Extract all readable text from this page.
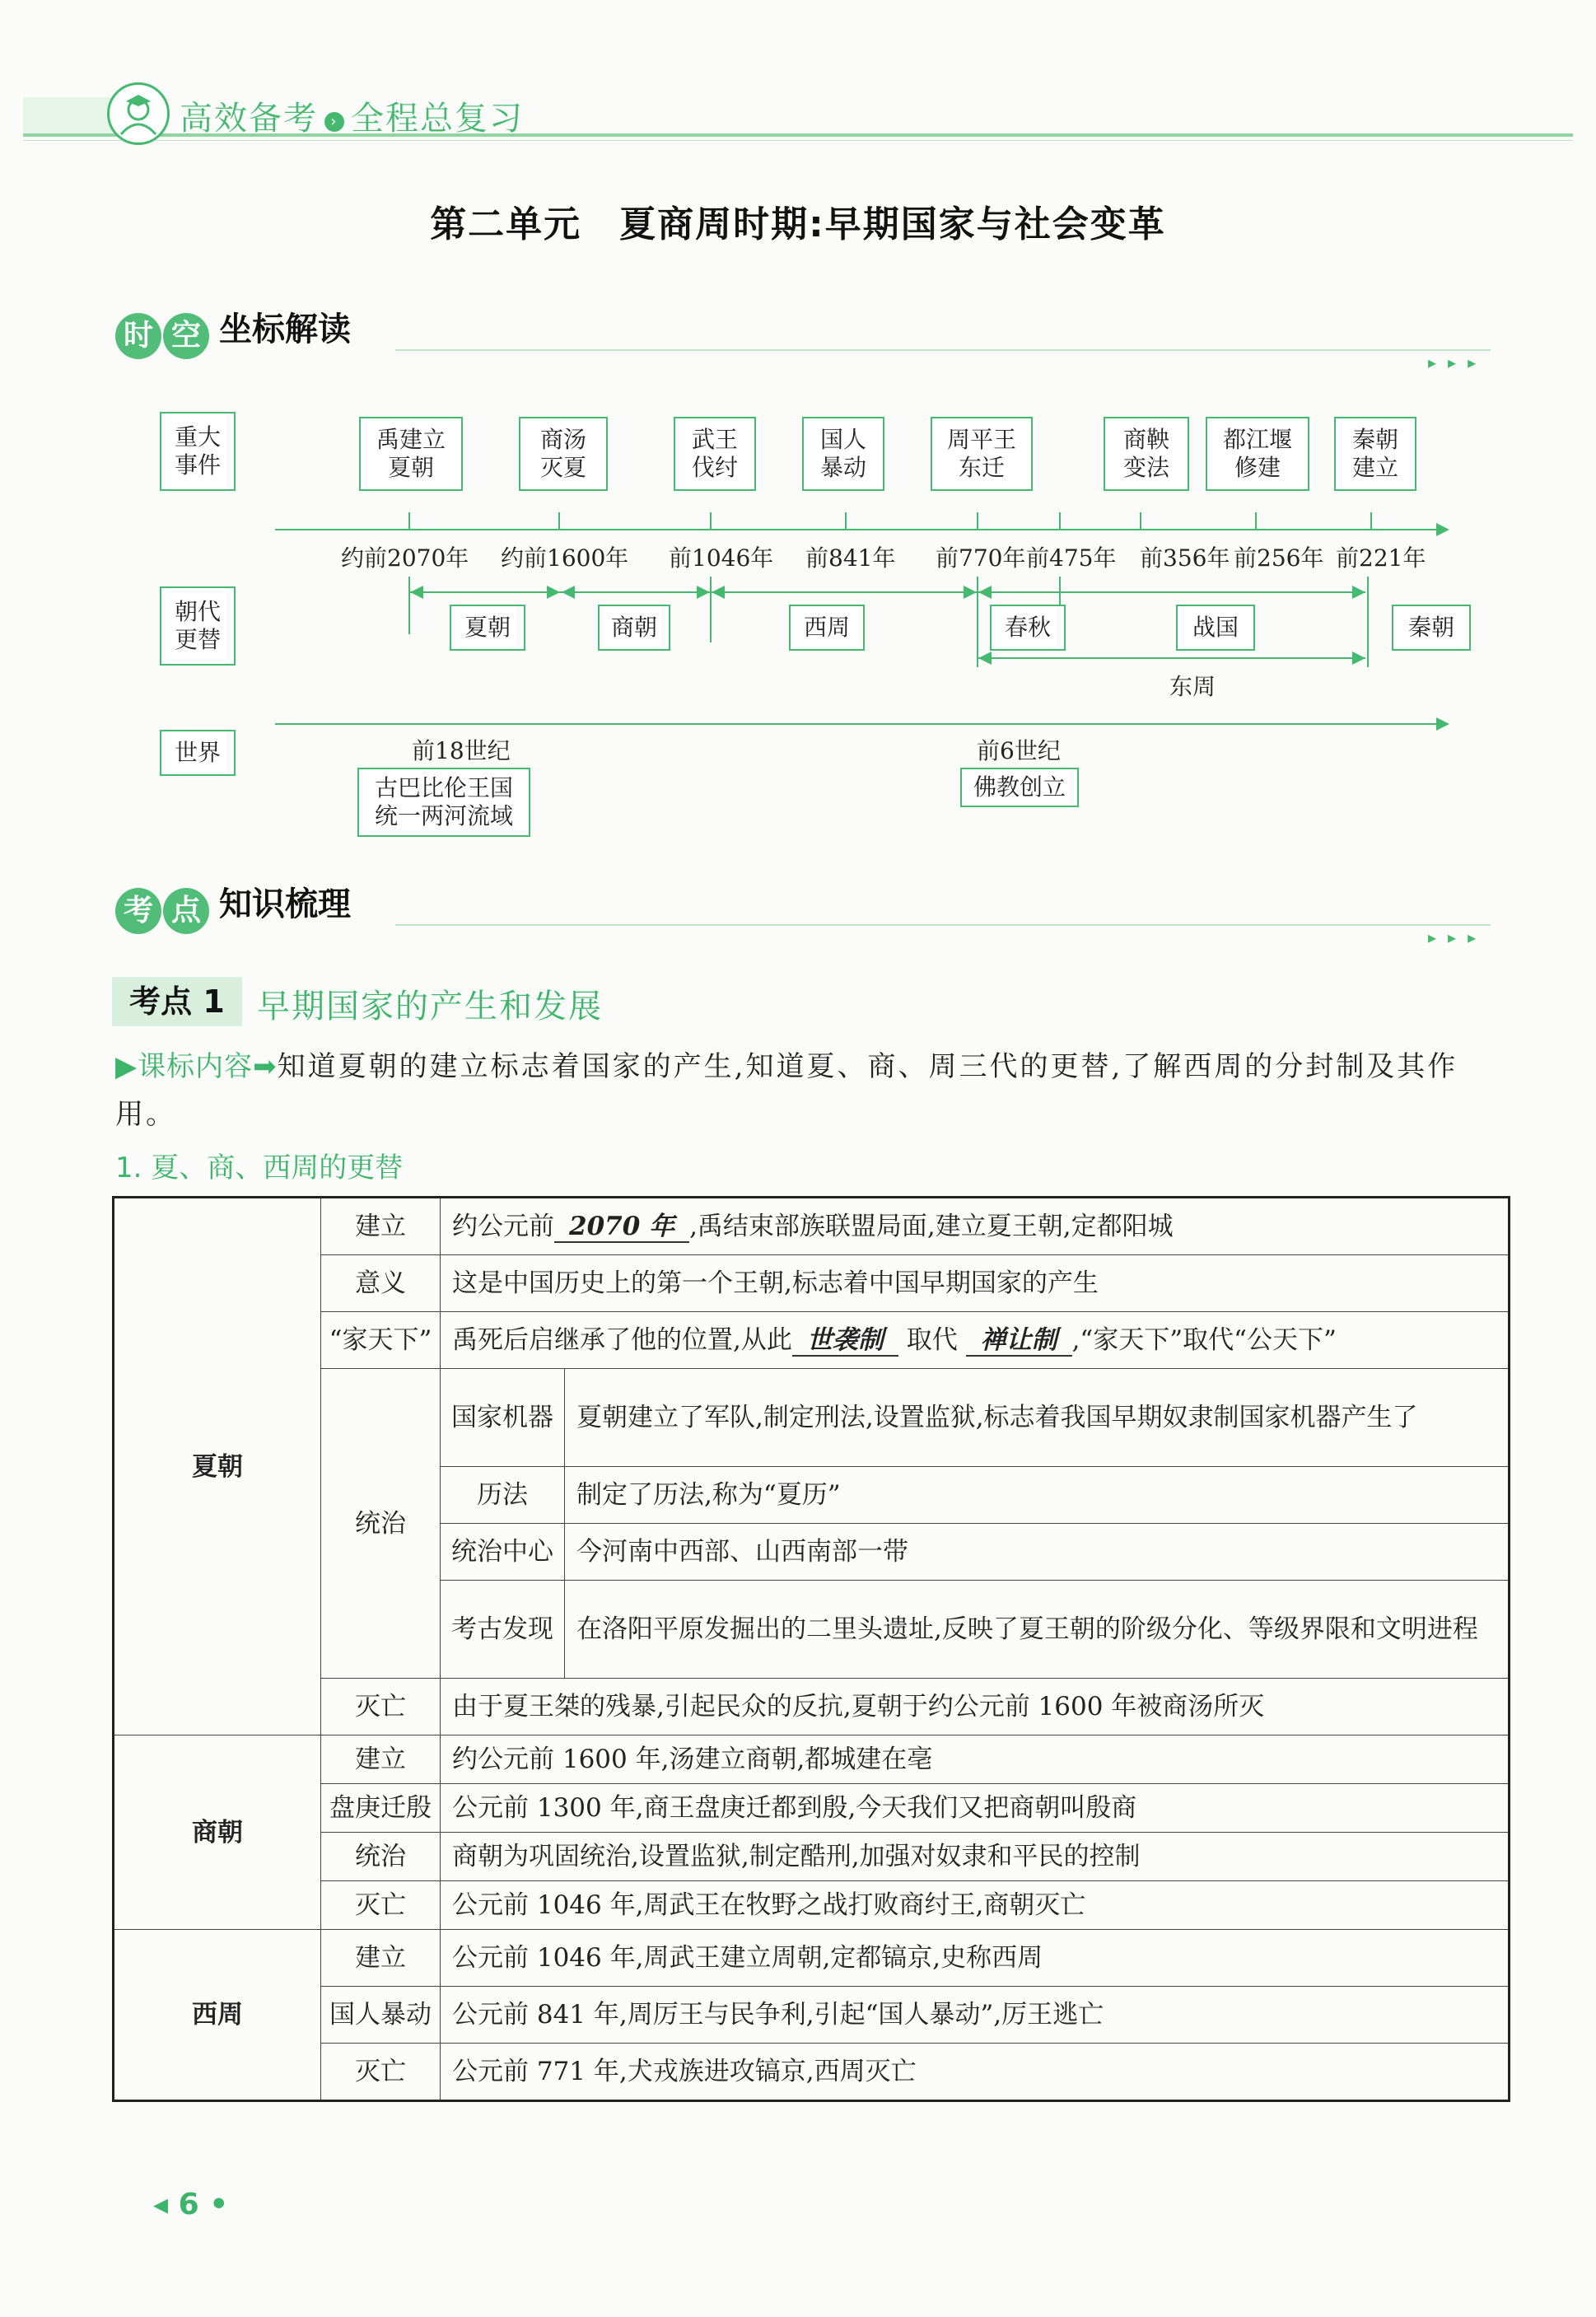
高效备考 › 全程总复习
第二单元　夏商周时期:早期国家与社会变革
时 空 坐标解读
▸▸▸
重大
事件
朝代
更替
世界
禹建立
夏朝
商汤
灭夏
武王
伐纣
国人
暴动
周平王
东迁
商鞅
变法
都江堰
修建
秦朝
建立
约前2070年 约前1600年 前1046年 前841年 前770年	前356年 前256年 前221年
前475年
夏朝	商朝	西周	春秋	战国	秦朝
东周
前18世纪
古巴比伦王国
统一两河流域
前6世纪
佛教创立
考 点 知识梳理
▸▸▸
考点 1 早期国家的产生和发展
▶课标内容➡知道夏朝的建立标志着国家的产生,知道夏、商、周三代的更替,了解西周的分封制及其作用。
1. 夏、商、西周的更替
夏朝	建立	约公元前 2070 年 ,禹结束部族联盟局面,建立夏王朝,定都阳城	
	意义	这是中国历史上的第一个王朝,标志着中国早期国家的产生	
	“家天下”	禹死后启继承了他的位置,从此 世袭制 取代 禅让制 ,“家天下”取代“公天下”	
	统治	国家机器	夏朝建立了军队,制定刑法,设置监狱,标志着我国早期奴隶制国家机器产生了
		历法	制定了历法,称为“夏历”
		统治中心	今河南中西部、山西南部一带
		考古发现	在洛阳平原发掘出的二里头遗址,反映了夏王朝的阶级分化、等级界限和文明进程
	灭亡	由于夏王桀的残暴,引起民众的反抗,夏朝于约公元前 1600 年被商汤所灭	
商朝	建立	约公元前 1600 年,汤建立商朝,都城建在亳	
	盘庚迁殷	公元前 1300 年,商王盘庚迁都到殷,今天我们又把商朝叫殷商	
	统治	商朝为巩固统治,设置监狱,制定酷刑,加强对奴隶和平民的控制	
	灭亡	公元前 1046 年,周武王在牧野之战打败商纣王,商朝灭亡	
西周	建立	公元前 1046 年,周武王建立周朝,定都镐京,史称西周	
	国人暴动	公元前 841 年,周厉王与民争利,引起“国人暴动”,厉王逃亡	
	灭亡	公元前 771 年,犬戎族进攻镐京,西周灭亡	
◂ 6 •
